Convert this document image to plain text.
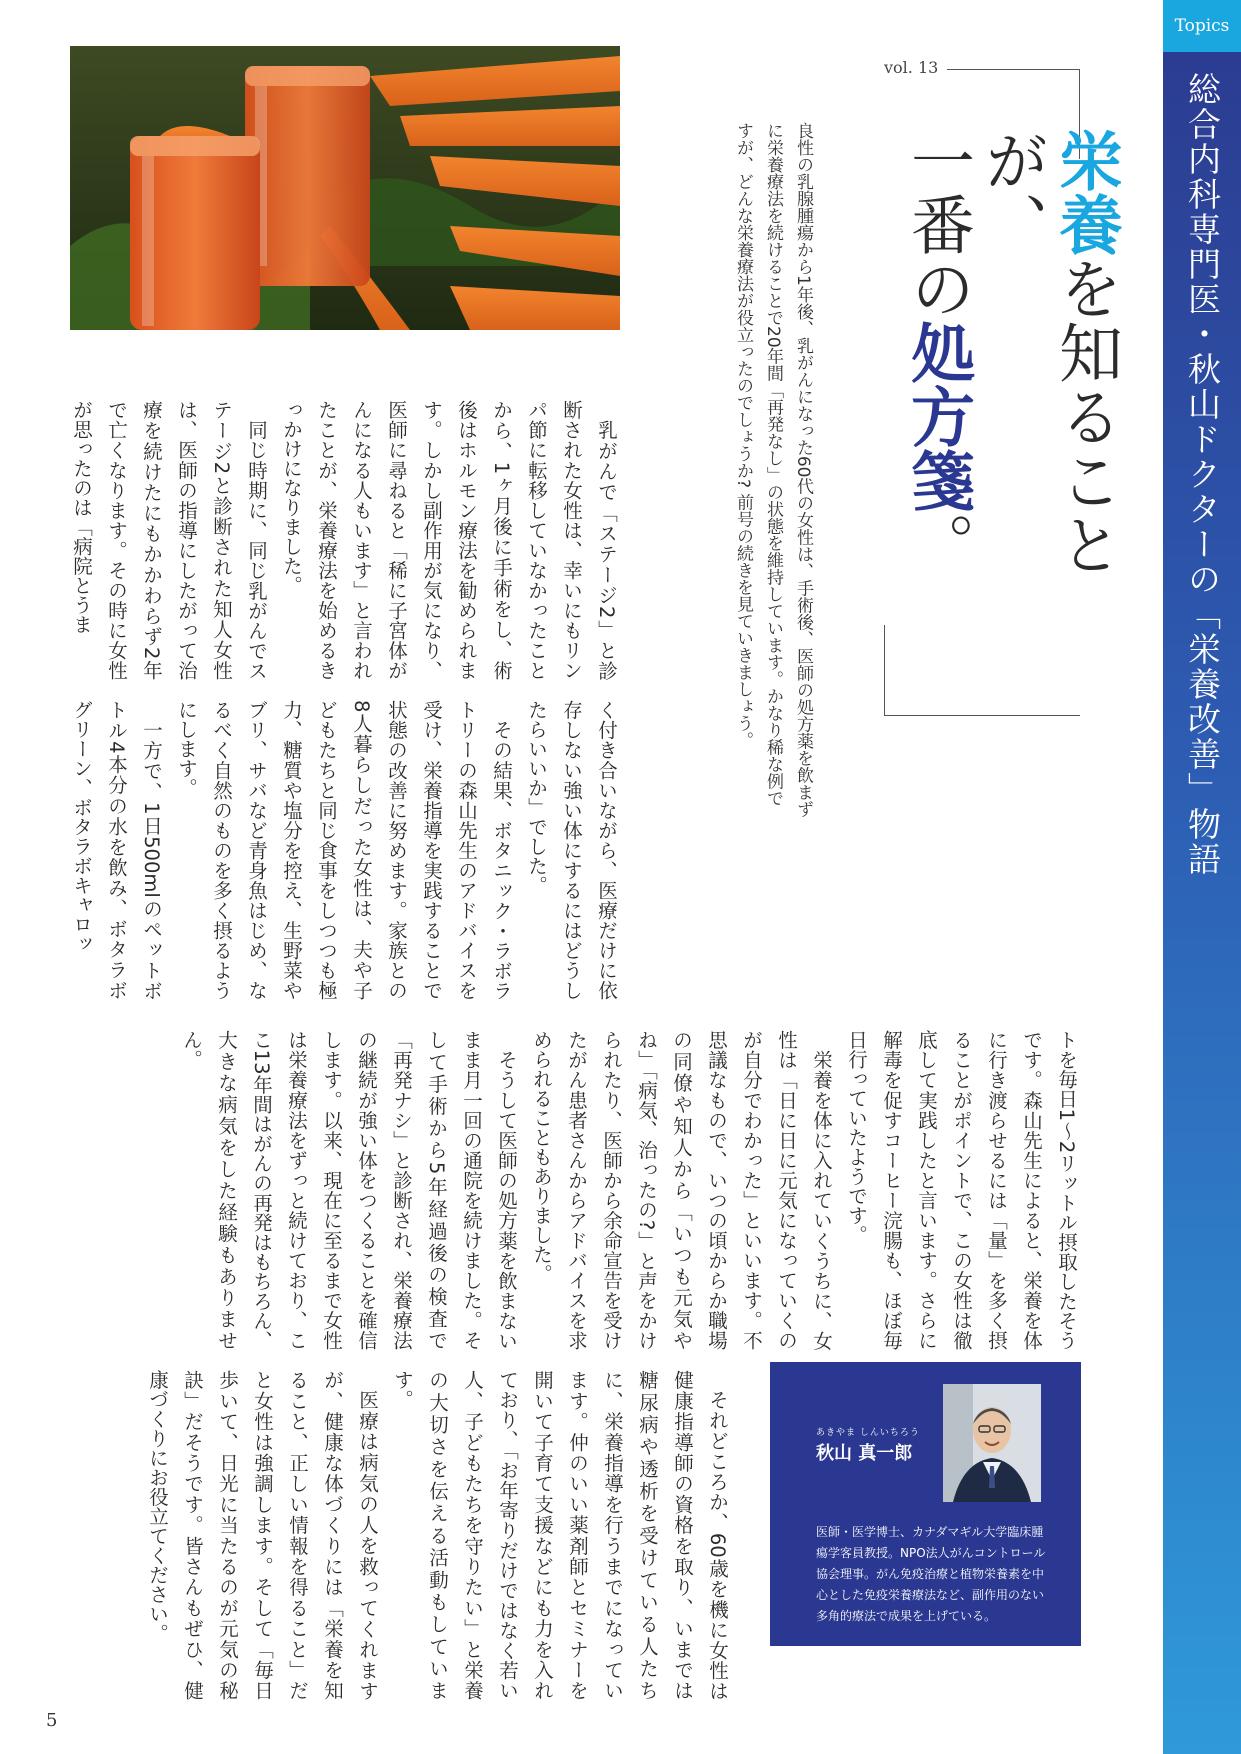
Topics
総合内科専門医・秋山ドクターの「栄養改善」物語
vol. 13
栄養を知ることが、
一番の処方箋。
良性の乳腺腫瘍から1年後、乳がんになった60代の女性は、手術後、医師の処方薬を飲まずに栄養療法を続けることで20年間「再発なし」の状態を維持しています。かなり稀な例ですが、どんな栄養療法が役立ったのでしょうか? 前号の続きを見ていきましょう。
乳がんで「ステージ2」と診断された女性は、幸いにもリンパ節に転移していなかったことから、1ヶ月後に手術をし、術後はホルモン療法を勧められます。しかし副作用が気になり、医師に尋ねると「稀に子宮体がんになる人もいます」と言われたことが、栄養療法を始めるきっかけになりました。
同じ時期に、同じ乳がんでステージ2と診断された知人女性は、医師の指導にしたがって治療を続けたにもかかわらず2年で亡くなります。その時に女性が思ったのは「病院とうま
く付き合いながら、医療だけに依存しない強い体にするにはどうしたらいいか」でした。
その結果、ボタニック・ラボラトリーの森山先生のアドバイスを受け、栄養指導を実践することで状態の改善に努めます。家族との8人暮らしだった女性は、夫や子どもたちと同じ食事をしつつも極力、糖質や塩分を控え、生野菜やブリ、サバなど青身魚はじめ、なるべく自然のものを多く摂るようにします。
一方で、1日500mlのペットボトル4本分の水を飲み、ボタラボグリーン、ボタラボキャロッ
トを毎日1〜2リットル摂取したそうです。森山先生によると、栄養を体に行き渡らせるには「量」を多く摂ることがポイントで、この女性は徹底して実践したと言います。さらに解毒を促すコーヒー浣腸も、ほぼ毎日行っていたようです。
栄養を体に入れていくうちに、女性は「日に日に元気になっていくのが自分でわかった」といいます。不思議なもので、いつの頃からか職場の同僚や知人から「いつも元気やね」「病気、治ったの?」と声をかけられたり、医師から余命宣告を受けたがん患者さんからアドバイスを求められることもありました。
そうして医師の処方薬を飲まないまま月一回の通院を続けました。そして手術から5年経過後の検査で「再発ナシ」と診断され、栄養療法の継続が強い体をつくることを確信します。以来、現在に至るまで女性は栄養療法をずっと続けており、ここ13年間はがんの再発はもちろん、大きな病気をした経験もありません。
それどころか、60歳を機に女性は健康指導師の資格を取り、いまでは糖尿病や透析を受けている人たちに、栄養指導を行うまでになっています。仲のいい薬剤師とセミナーを開いて子育て支援などにも力を入れており、「お年寄りだけではなく若い人、子どもたちを守りたい」と栄養の大切さを伝える活動もしています。
医療は病気の人を救ってくれますが、健康な体づくりには「栄養を知ること、正しい情報を得ること」だと女性は強調します。そして「毎日歩いて、日光に当たるのが元気の秘訣」だそうです。皆さんもぜひ、健康づくりにお役立てください。	あきやま しんいちろう
秋山 真一郎

医師・医学博士、カナダマギル大学臨床腫瘍学客員教授。NPO法人がんコントロール協会理事。がん免疫治療と植物栄養素を中心とした免疫栄養療法など、副作用のない多角的療法で成果を上げている。

5
